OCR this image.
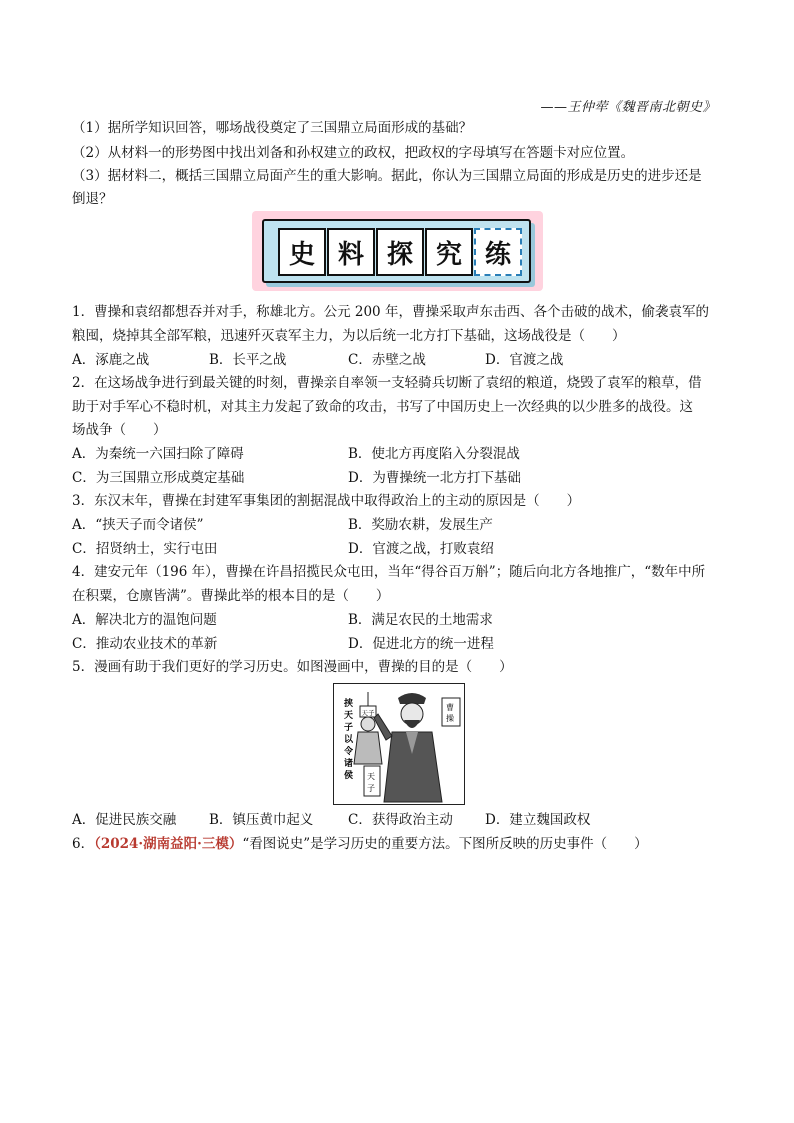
——王仲荦《魏晋南北朝史》
（1）据所学知识回答，哪场战役奠定了三国鼎立局面形成的基础？
（2）从材料一的形势图中找出刘备和孙权建立的政权，把政权的字母填写在答题卡对应位置。
（3）据材料二，概括三国鼎立局面产生的重大影响。据此，你认为三国鼎立局面的形成是历史的进步还是
倒退？
史 料 探 究 练
1．曹操和袁绍都想吞并对手，称雄北方。公元 200 年，曹操采取声东击西、各个击破的战术，偷袭袁军的
粮囤，烧掉其全部军粮，迅速歼灭袁军主力，为以后统一北方打下基础，这场战役是（　　）
A．涿鹿之战	B．长平之战	C．赤壁之战	D．官渡之战
2．在这场战争进行到最关键的时刻，曹操亲自率领一支轻骑兵切断了袁绍的粮道，烧毁了袁军的粮草，借
助于对手军心不稳时机，对其主力发起了致命的攻击，书写了中国历史上一次经典的以少胜多的战役。这
场战争（　　）
A．为秦统一六国扫除了障碍	B．使北方再度陷入分裂混战
C．为三国鼎立形成奠定基础	D．为曹操统一北方打下基础
3．东汉末年，曹操在封建军事集团的割据混战中取得政治上的主动的原因是（　　）
A．“挟天子而令诸侯”	B．奖励农耕，发展生产
C．招贤纳士，实行屯田	D．官渡之战，打败袁绍
4．建安元年（196 年），曹操在许昌招揽民众屯田，当年“得谷百万斛”；随后向北方各地推广，“数年中所
在积粟，仓廪皆满”。曹操此举的根本目的是（　　）
A．解决北方的温饱问题	B．满足农民的土地需求
C．推动农业技术的革新	D．促进北方的统一进程
5．漫画有助于我们更好的学习历史。如图漫画中，曹操的目的是（　　）
挟
天
子
以
令
诸
侯
天子
曹
操
天
子
A．促进民族交融 B．镇压黄巾起义	C．获得政治主动 D．建立魏国政权
6．（2024·湖南益阳·三模）“看图说史”是学习历史的重要方法。下图所反映的历史事件（　　）
